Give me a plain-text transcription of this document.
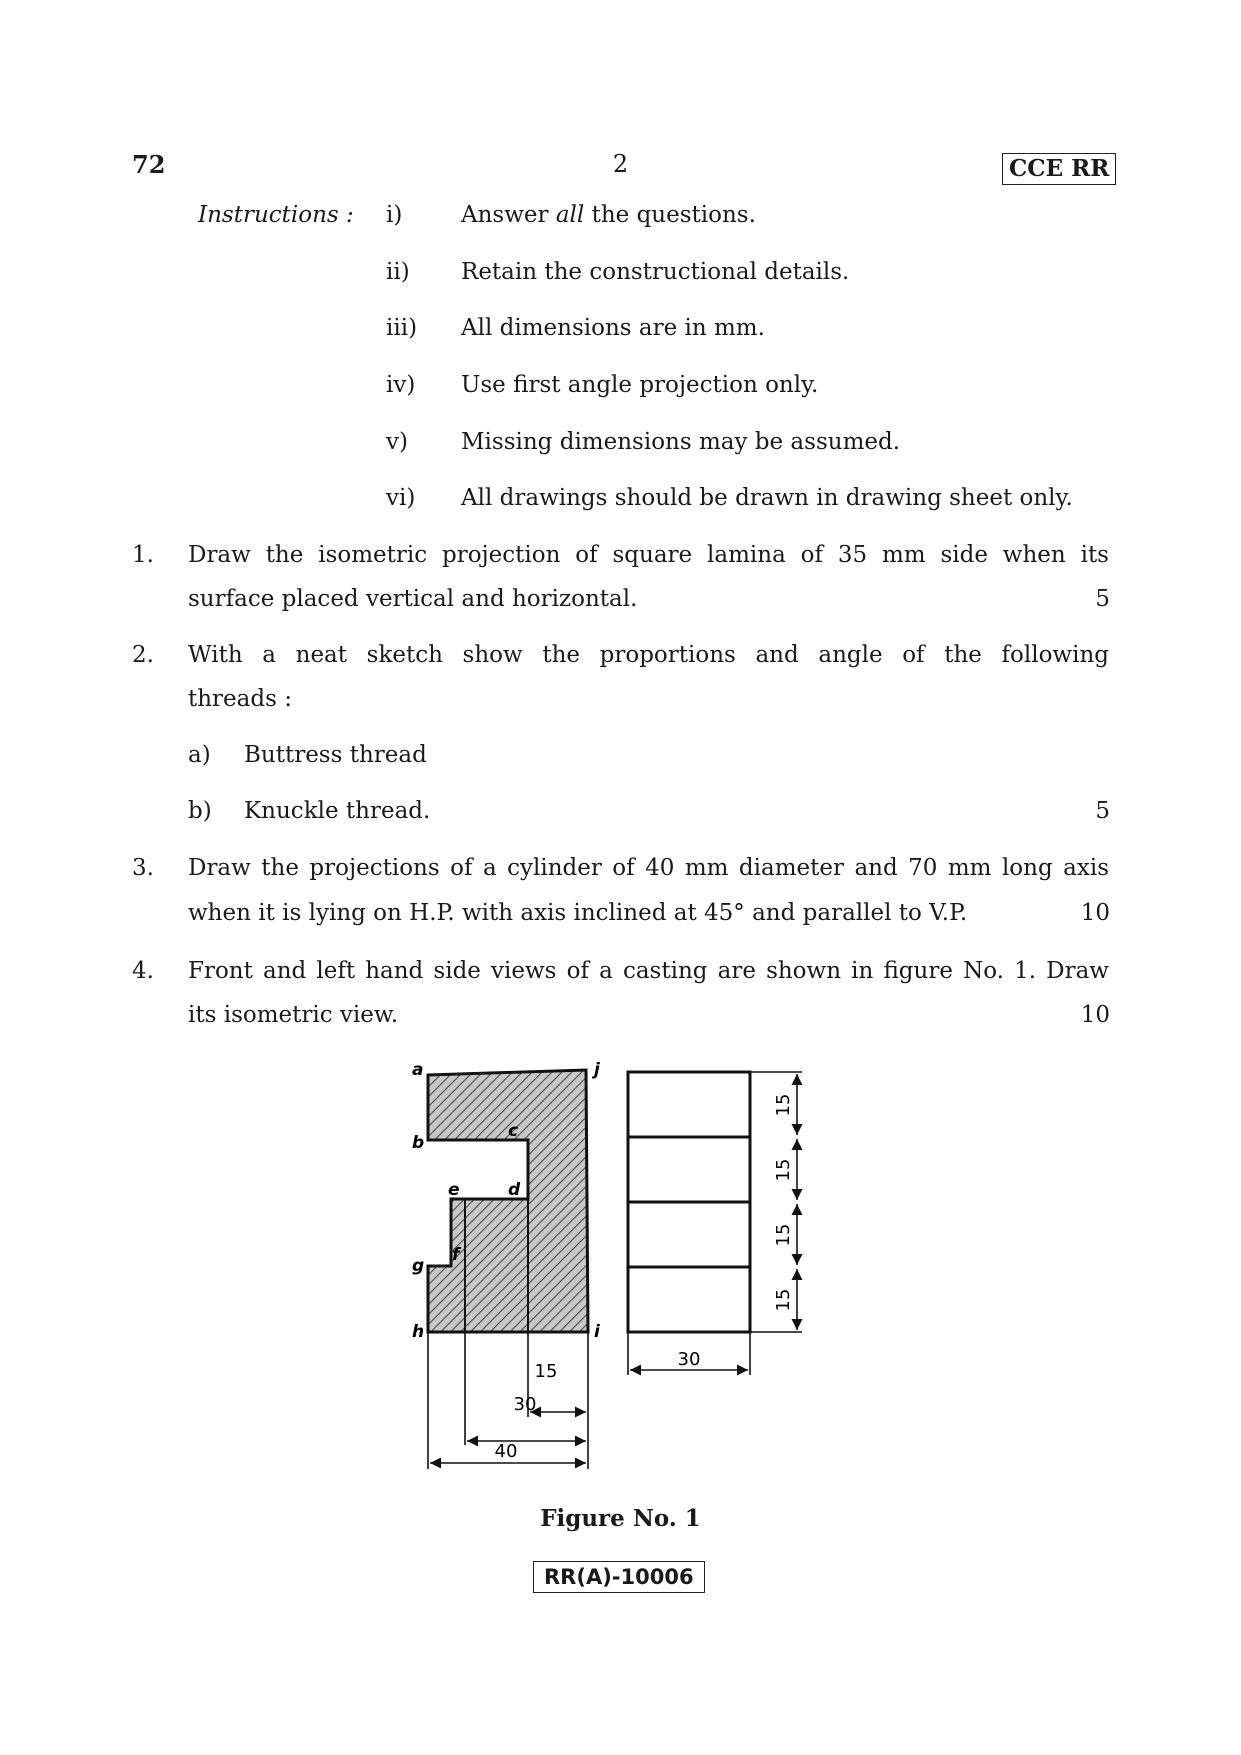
72	2	CCE RR
Instructions : i)	Answer all the questions.
ii) Retain the constructional details.
iii) All dimensions are in mm.
iv) Use first angle projection only.
v) Missing dimensions may be assumed.
vi) All drawings should be drawn in drawing sheet only.
1.	Draw the isometric projection of square lamina of 35 mm side when its
surface placed vertical and horizontal.	5
2.	With a neat sketch show the proportions and angle of the following
threads :
a) Buttress thread
b) Knuckle thread.	5
3.	Draw the projections of a cylinder of 40 mm diameter and 70 mm long axis
when it is lying on H.P. with axis inclined at 45° and parallel to V.P.	10
4.	Front and left hand side views of a casting are shown in figure No. 1. Draw
its isometric view.	10
a
b
c
d
e
f
g
h	i
j
15
30
40
30
15
15
15
15
Figure No. 1
RR(A)-10006
